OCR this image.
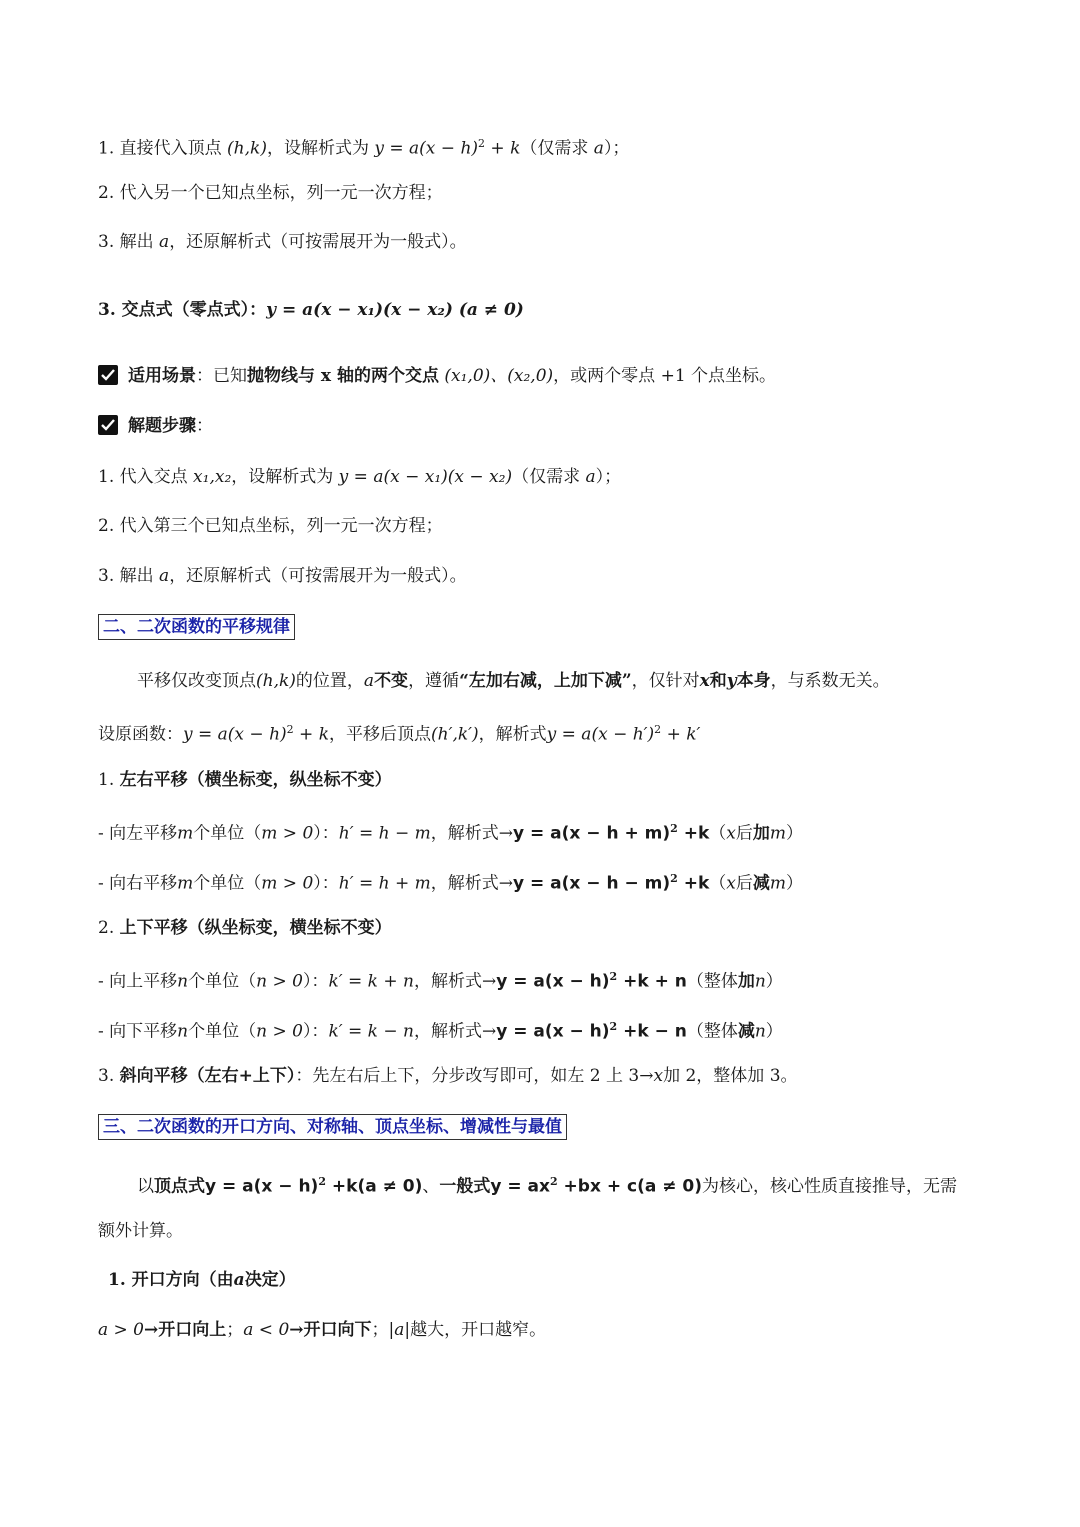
1. 直接代入顶点 (h,k)，设解析式为 $y = a(x - h)^2 + k$（仅需求 a）；
2. 代入另一个已知点坐标，列一元一次方程；
3. 解出 a，还原解析式（可按需展开为一般式）。
3. 交点式（零点式）：y = a(x − x₁)(x − x₂) (a ≠ 0)
适用场景：已知抛物线与 x 轴的两个交点 (x₁,0)、(x₂,0)，或两个零点 +1 个点坐标。
解题步骤：
1. 代入交点 x₁,x₂，设解析式为 y = a(x − x₁)(x − x₂)（仅需求 a）；
2. 代入第三个已知点坐标，列一元一次方程；
3. 解出 a，还原解析式（可按需展开为一般式）。
二、二次函数的平移规律
平移仅改变顶点(h,k)的位置，a不变，遵循“左加右减，上加下减”，仅针对x和y本身，与系数无关。
设原函数：$y = a(x - h)^2 + k$，平移后顶点(h′,k′)，解析式$y = a(x - h')^2 + k'$
1. 左右平移（横坐标变，纵坐标不变）
- 向左平移m个单位（m > 0）：h′ = h − m，解析式$\to y = a(x - h + m)^2 +k(x$后加m）
- 向右平移m个单位（m > 0）：h′ = h + m，解析式$\to y = a(x - h - m)^2 +k(x$后减m）
2. 上下平移（纵坐标变，横坐标不变）
- 向上平移n个单位（n > 0）：k′ = k + n，解析式$\to y = a(x - h)^2 +k + n$（整体加n）
- 向下平移n个单位（n > 0）：k′ = k − n，解析式$\to y = a(x - h)^2 +k - n$（整体减n）
3. 斜向平移（左右+上下）：先左右后上下，分步改写即可，如左 2 上 3→x加 2，整体加 3。
三、二次函数的开口方向、对称轴、顶点坐标、增减性与最值
以顶点式$y = a(x - h)^2 +k(a \ne 0)$、一般式$y = ax^2 +bx + c(a \ne 0)$为核心，核心性质直接推导，无需
额外计算。
1. 开口方向（由a决定）
a > 0→开口向上；a < 0→开口向下；|a|越大，开口越窄。
